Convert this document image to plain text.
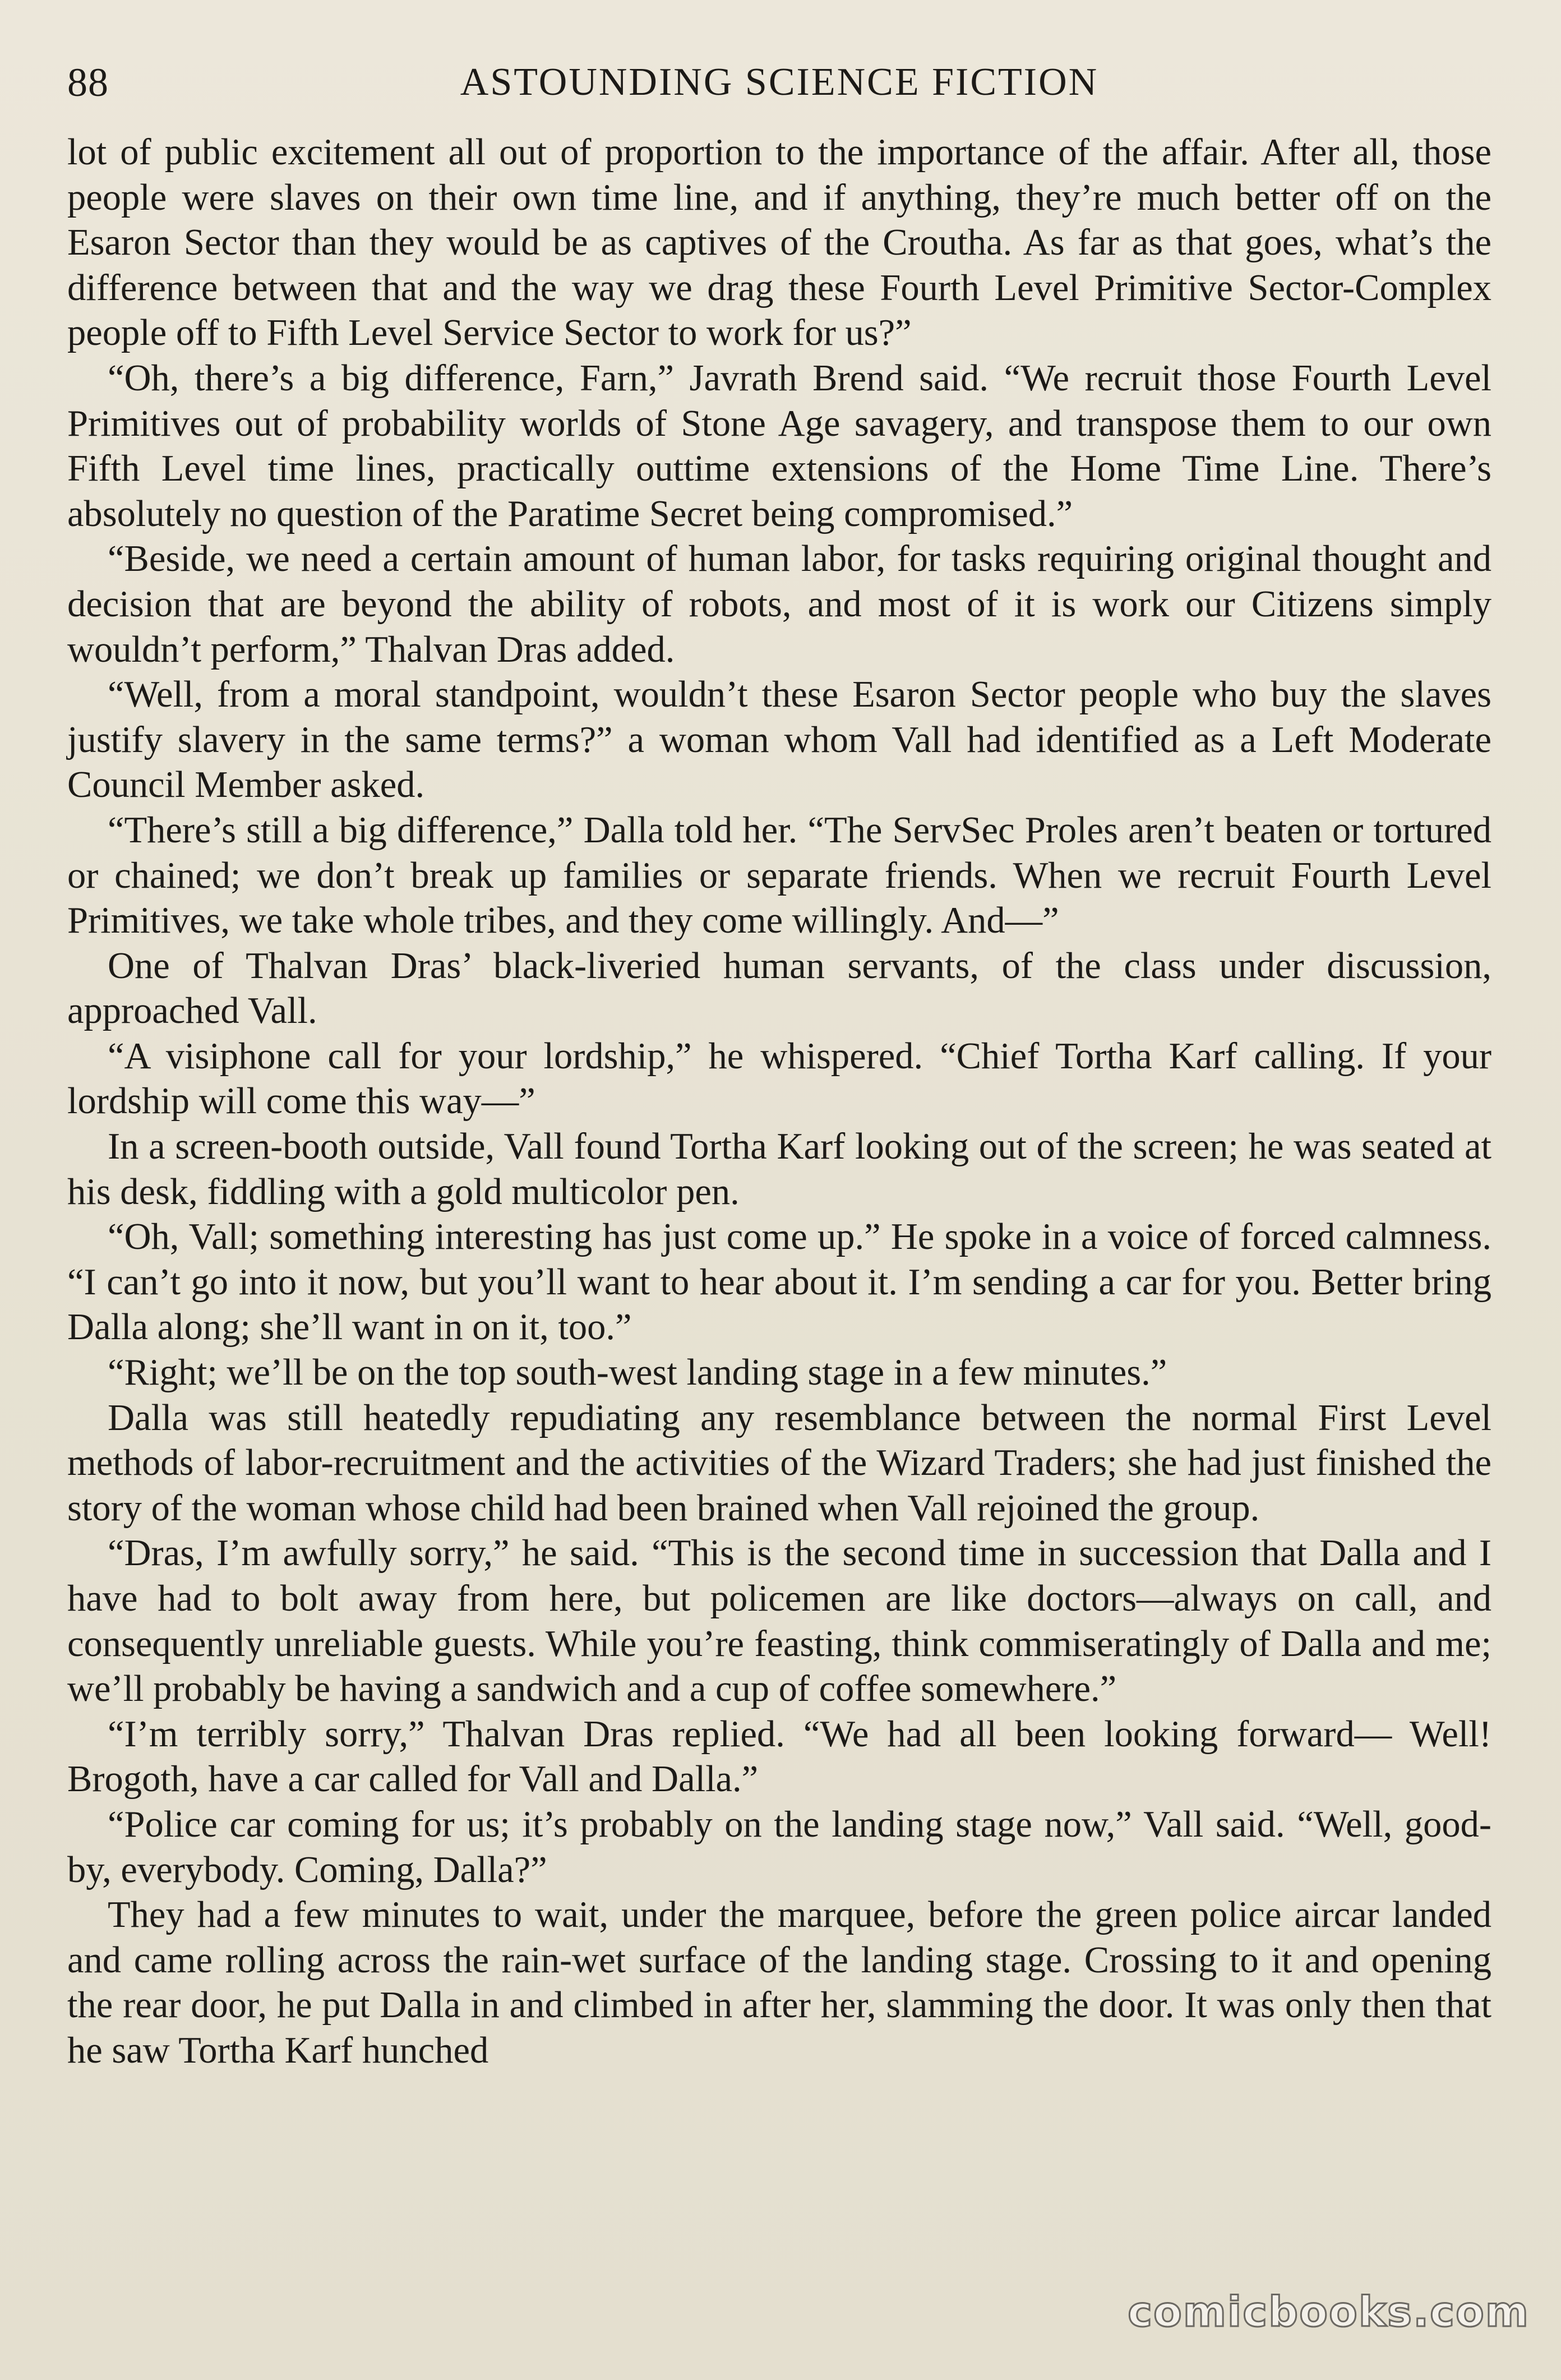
88	ASTOUNDING SCIENCE FICTION

lot of public excitement all out of proportion to the importance of the affair. After all, those people were slaves on their own time line, and if anything, they’re much better off on the Esaron Sector than they would be as captives of the Croutha. As far as that goes, what’s the difference between that and the way we drag these Fourth Level Primitive Sector-Complex people off to Fifth Level Service Sector to work for us?”

“Oh, there’s a big difference, Farn,” Javrath Brend said. “We recruit those Fourth Level Primitives out of probability worlds of Stone Age savagery, and transpose them to our own Fifth Level time lines, practically outtime extensions of the Home Time Line. There’s absolutely no question of the Paratime Secret being compromised.”

“Beside, we need a certain amount of human labor, for tasks requiring original thought and decision that are beyond the ability of robots, and most of it is work our Citizens simply wouldn’t perform,” Thalvan Dras added.

“Well, from a moral standpoint, wouldn’t these Esaron Sector people who buy the slaves justify slavery in the same terms?” a woman whom Vall had identified as a Left Moderate Council Member asked.

“There’s still a big difference,” Dalla told her. “The ServSec Proles aren’t beaten or tortured or chained; we don’t break up families or separate friends. When we recruit Fourth Level Primitives, we take whole tribes, and they come willingly. And—”

One of Thalvan Dras’ black-liveried human servants, of the class under discussion, approached Vall.

“A visiphone call for your lordship,” he whispered. “Chief Tortha Karf calling. If your lordship will come this way—”

In a screen-booth outside, Vall found Tortha Karf looking out of the screen; he was seated at his desk, fiddling with a gold multicolor pen.

“Oh, Vall; something interesting has just come up.” He spoke in a voice of forced calmness. “I can’t go into it now, but you’ll want to hear about it. I’m sending a car for you. Better bring Dalla along; she’ll want in on it, too.”

“Right; we’ll be on the top south-west landing stage in a few minutes.”

Dalla was still heatedly repudiating any resemblance between the normal First Level methods of labor-recruitment and the activities of the Wizard Traders; she had just finished the story of the woman whose child had been brained when Vall rejoined the group.

“Dras, I’m awfully sorry,” he said. “This is the second time in succession that Dalla and I have had to bolt away from here, but policemen are like doctors—always on call, and consequently unreliable guests. While you’re feasting, think commiseratingly of Dalla and me; we’ll probably be having a sandwich and a cup of coffee somewhere.”

“I’m terribly sorry,” Thalvan Dras replied. “We had all been looking forward— Well! Brogoth, have a car called for Vall and Dalla.”

“Police car coming for us; it’s probably on the landing stage now,” Vall said. “Well, good-by, everybody. Coming, Dalla?”

They had a few minutes to wait, under the marquee, before the green police aircar landed and came rolling across the rain-wet surface of the landing stage. Crossing to it and opening the rear door, he put Dalla in and climbed in after her, slamming the door. It was only then that he saw Tortha Karf hunched

comicbooks.com
